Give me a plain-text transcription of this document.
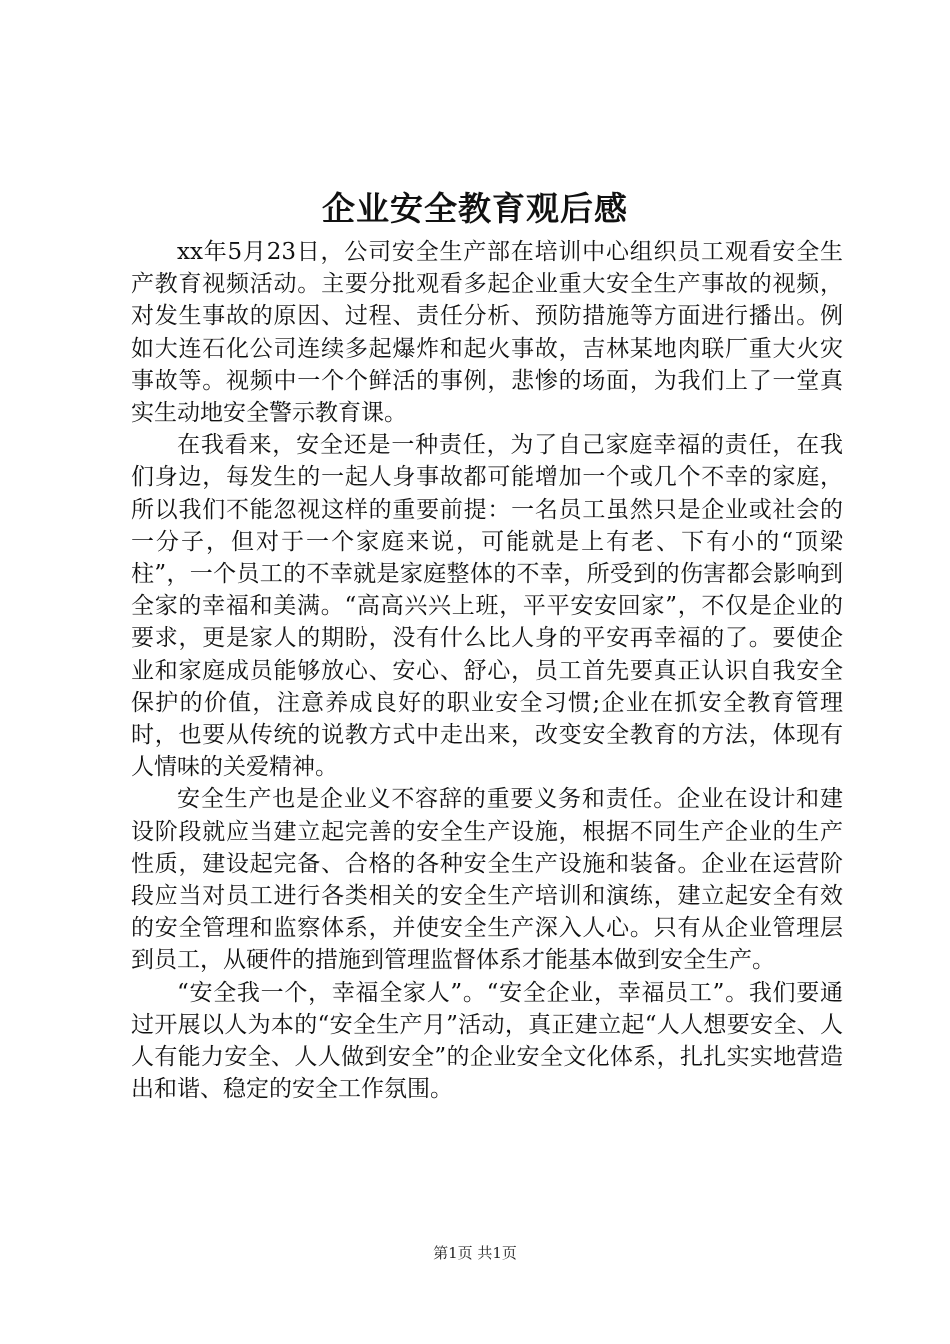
企业安全教育观后感

xx年5月23日，公司安全生产部在培训中心组织员工观看安全生产教育视频活动。主要分批观看多起企业重大安全生产事故的视频，对发生事故的原因、过程、责任分析、预防措施等方面进行播出。例如大连石化公司连续多起爆炸和起火事故，吉林某地肉联厂重大火灾事故等。视频中一个个鲜活的事例，悲惨的场面，为我们上了一堂真实生动地安全警示教育课。

在我看来，安全还是一种责任，为了自己家庭幸福的责任，在我们身边，每发生的一起人身事故都可能增加一个或几个不幸的家庭，所以我们不能忽视这样的重要前提：一名员工虽然只是企业或社会的一分子，但对于一个家庭来说，可能就是上有老、下有小的“顶梁柱”，一个员工的不幸就是家庭整体的不幸，所受到的伤害都会影响到全家的幸福和美满。“高高兴兴上班，平平安安回家”，不仅是企业的要求，更是家人的期盼，没有什么比人身的平安再幸福的了。要使企业和家庭成员能够放心、安心、舒心，员工首先要真正认识自我安全保护的价值，注意养成良好的职业安全习惯;企业在抓安全教育管理时，也要从传统的说教方式中走出来，改变安全教育的方法，体现有人情味的关爱精神。

安全生产也是企业义不容辞的重要义务和责任。企业在设计和建设阶段就应当建立起完善的安全生产设施，根据不同生产企业的生产性质，建设起完备、合格的各种安全生产设施和装备。企业在运营阶段应当对员工进行各类相关的安全生产培训和演练，建立起安全有效的安全管理和监察体系，并使安全生产深入人心。只有从企业管理层到员工，从硬件的措施到管理监督体系才能基本做到安全生产。

“安全我一个，幸福全家人”。“安全企业，幸福员工”。我们要通过开展以人为本的“安全生产月”活动，真正建立起“人人想要安全、人人有能力安全、人人做到安全”的企业安全文化体系，扎扎实实地营造出和谐、稳定的安全工作氛围。

第1页 共1页
